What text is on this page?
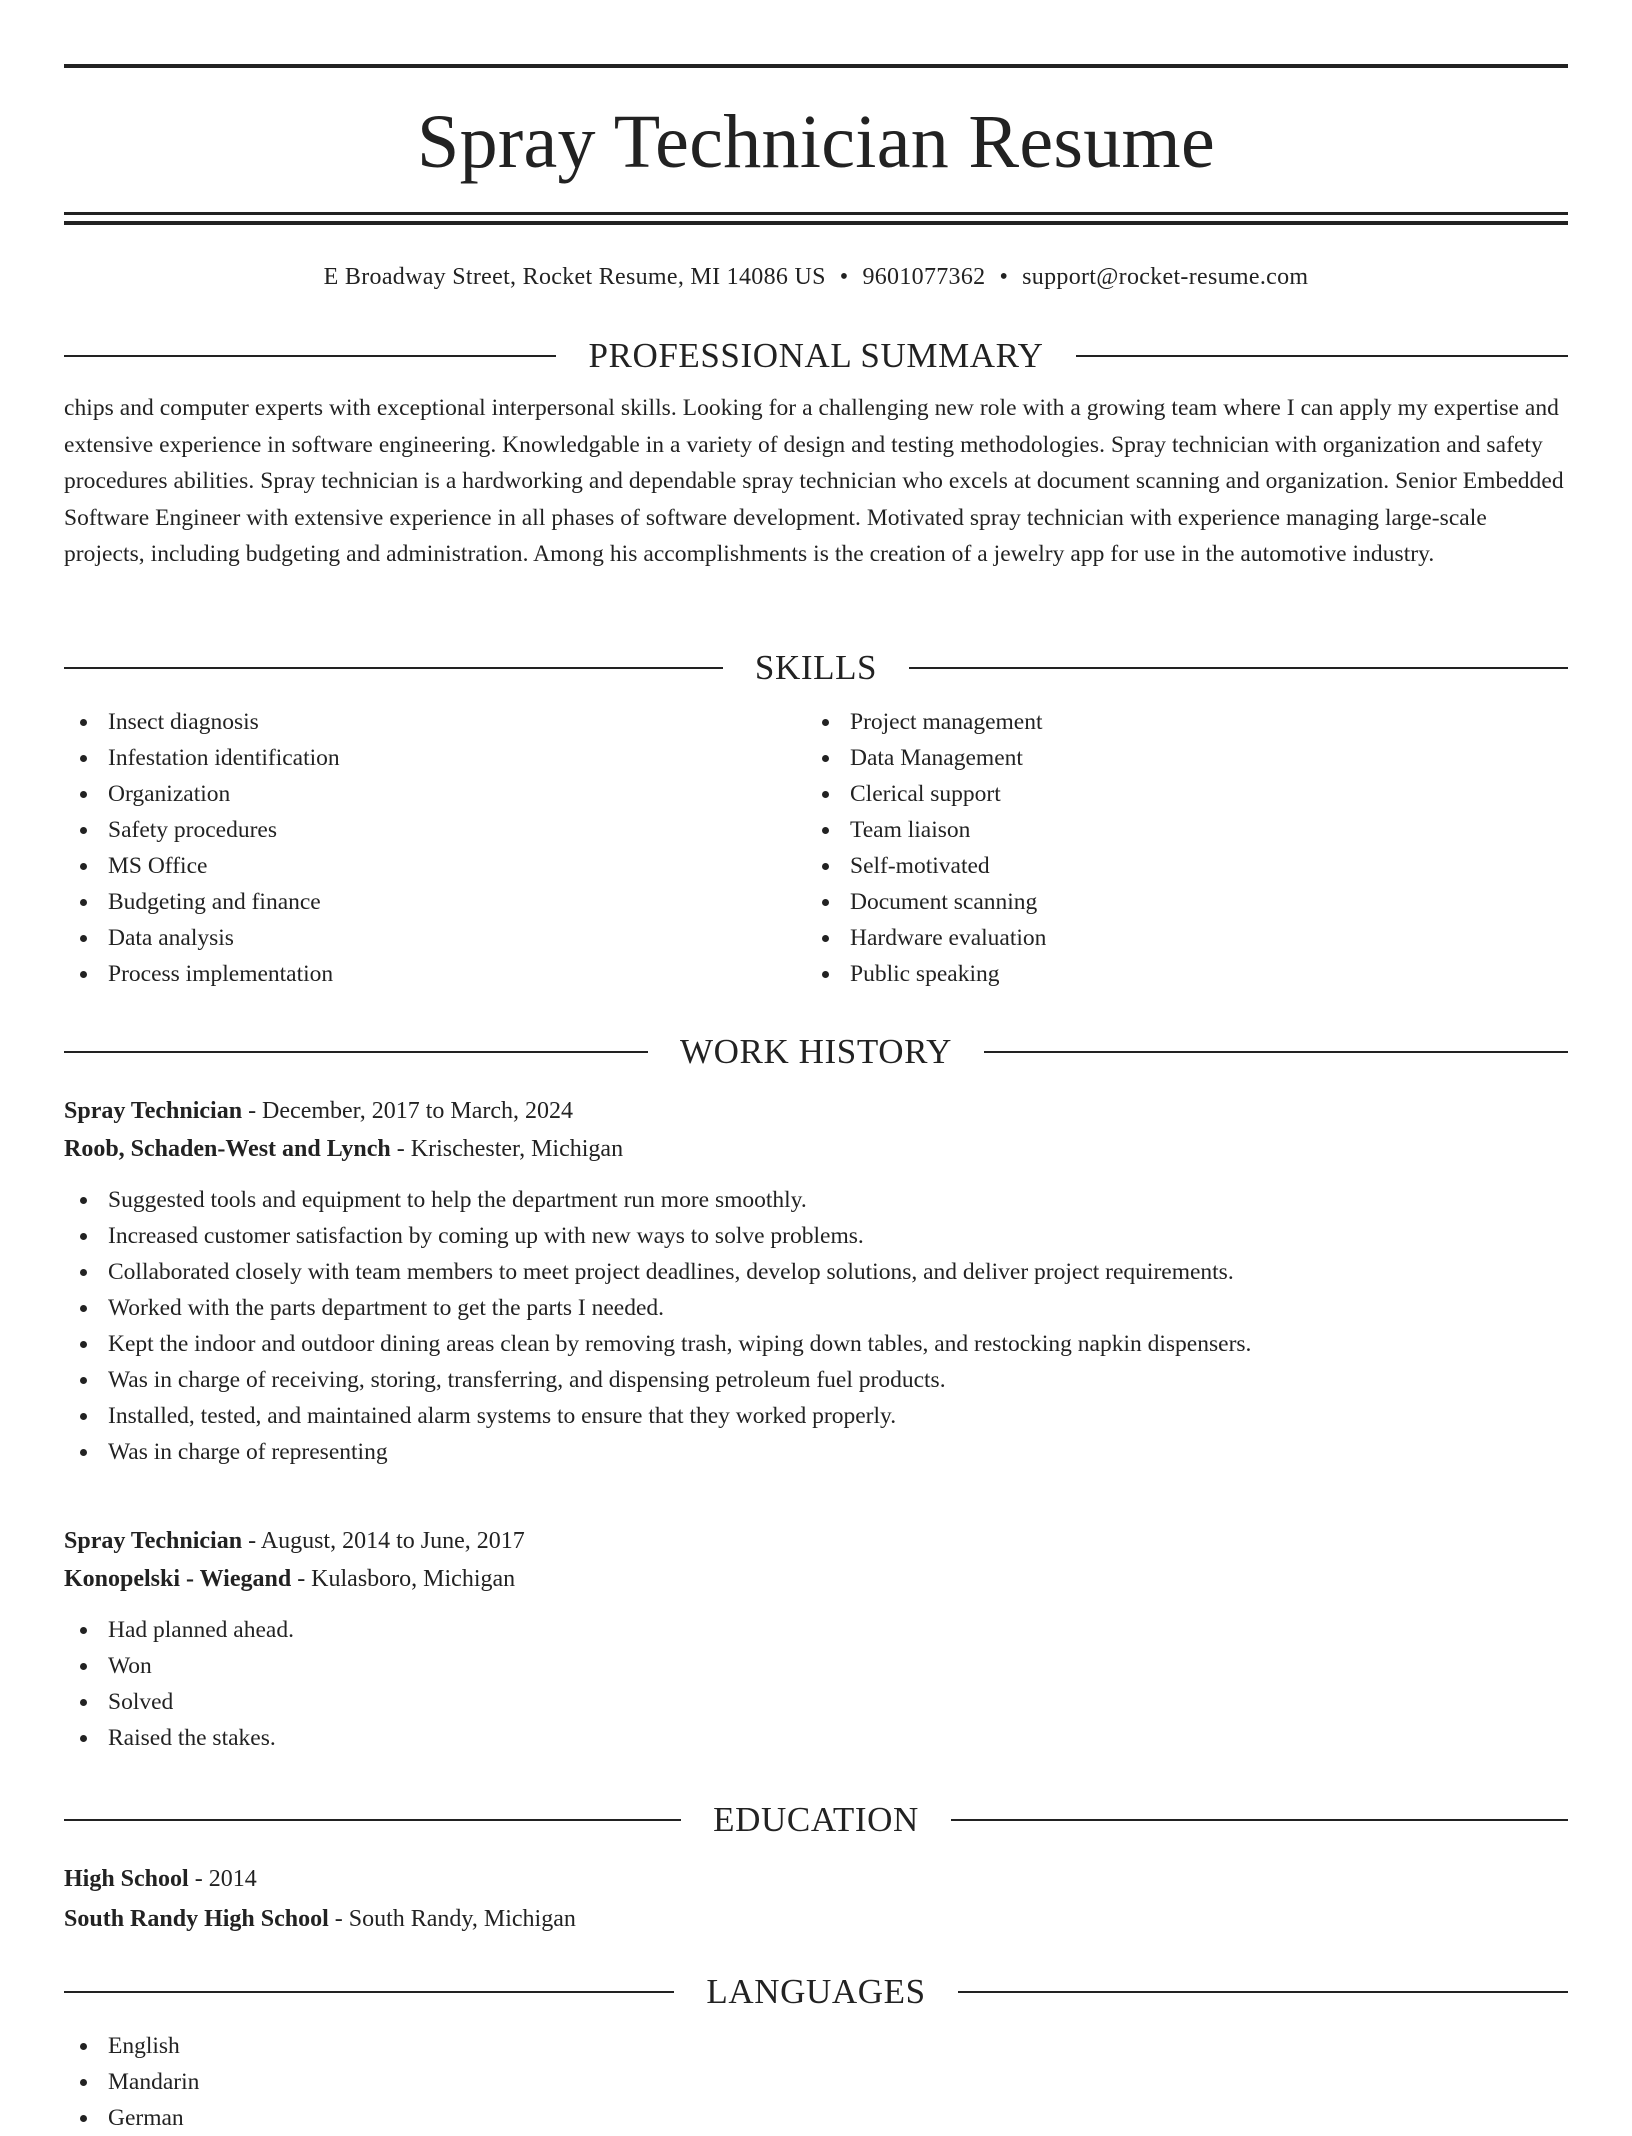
Spray Technician Resume
E Broadway Street, Rocket Resume, MI 14086 US • 9601077362 • support@rocket-resume.com
PROFESSIONAL SUMMARY

chips and computer experts with exceptional interpersonal skills. Looking for a challenging new role with a growing team where I can apply my expertise and extensive experience in software engineering. Knowledgable in a variety of design and testing methodologies. Spray technician with organization and safety procedures abilities. Spray technician is a hardworking and dependable spray technician who excels at document scanning and organization. Senior Embedded Software Engineer with extensive experience in all phases of software development. Motivated spray technician with experience managing large-scale projects, including budgeting and administration. Among his accomplishments is the creation of a jewelry app for use in the automotive industry.

SKILLS
Insect diagnosis
Infestation identification
Organization
Safety procedures
MS Office
Budgeting and finance
Data analysis
Process implementation
Project management
Data Management
Clerical support
Team liaison
Self-motivated
Document scanning
Hardware evaluation
Public speaking
WORK HISTORY
Spray Technician - December, 2017 to March, 2024
Roob, Schaden-West and Lynch - Krischester, Michigan
Suggested tools and equipment to help the department run more smoothly.
Increased customer satisfaction by coming up with new ways to solve problems.
Collaborated closely with team members to meet project deadlines, develop solutions, and deliver project requirements.
Worked with the parts department to get the parts I needed.
Kept the indoor and outdoor dining areas clean by removing trash, wiping down tables, and restocking napkin dispensers.
Was in charge of receiving, storing, transferring, and dispensing petroleum fuel products.
Installed, tested, and maintained alarm systems to ensure that they worked properly.
Was in charge of representing
Spray Technician - August, 2014 to June, 2017
Konopelski - Wiegand - Kulasboro, Michigan
Had planned ahead.
Won
Solved
Raised the stakes.
EDUCATION
High School - 2014
South Randy High School - South Randy, Michigan
LANGUAGES
English
Mandarin
German
